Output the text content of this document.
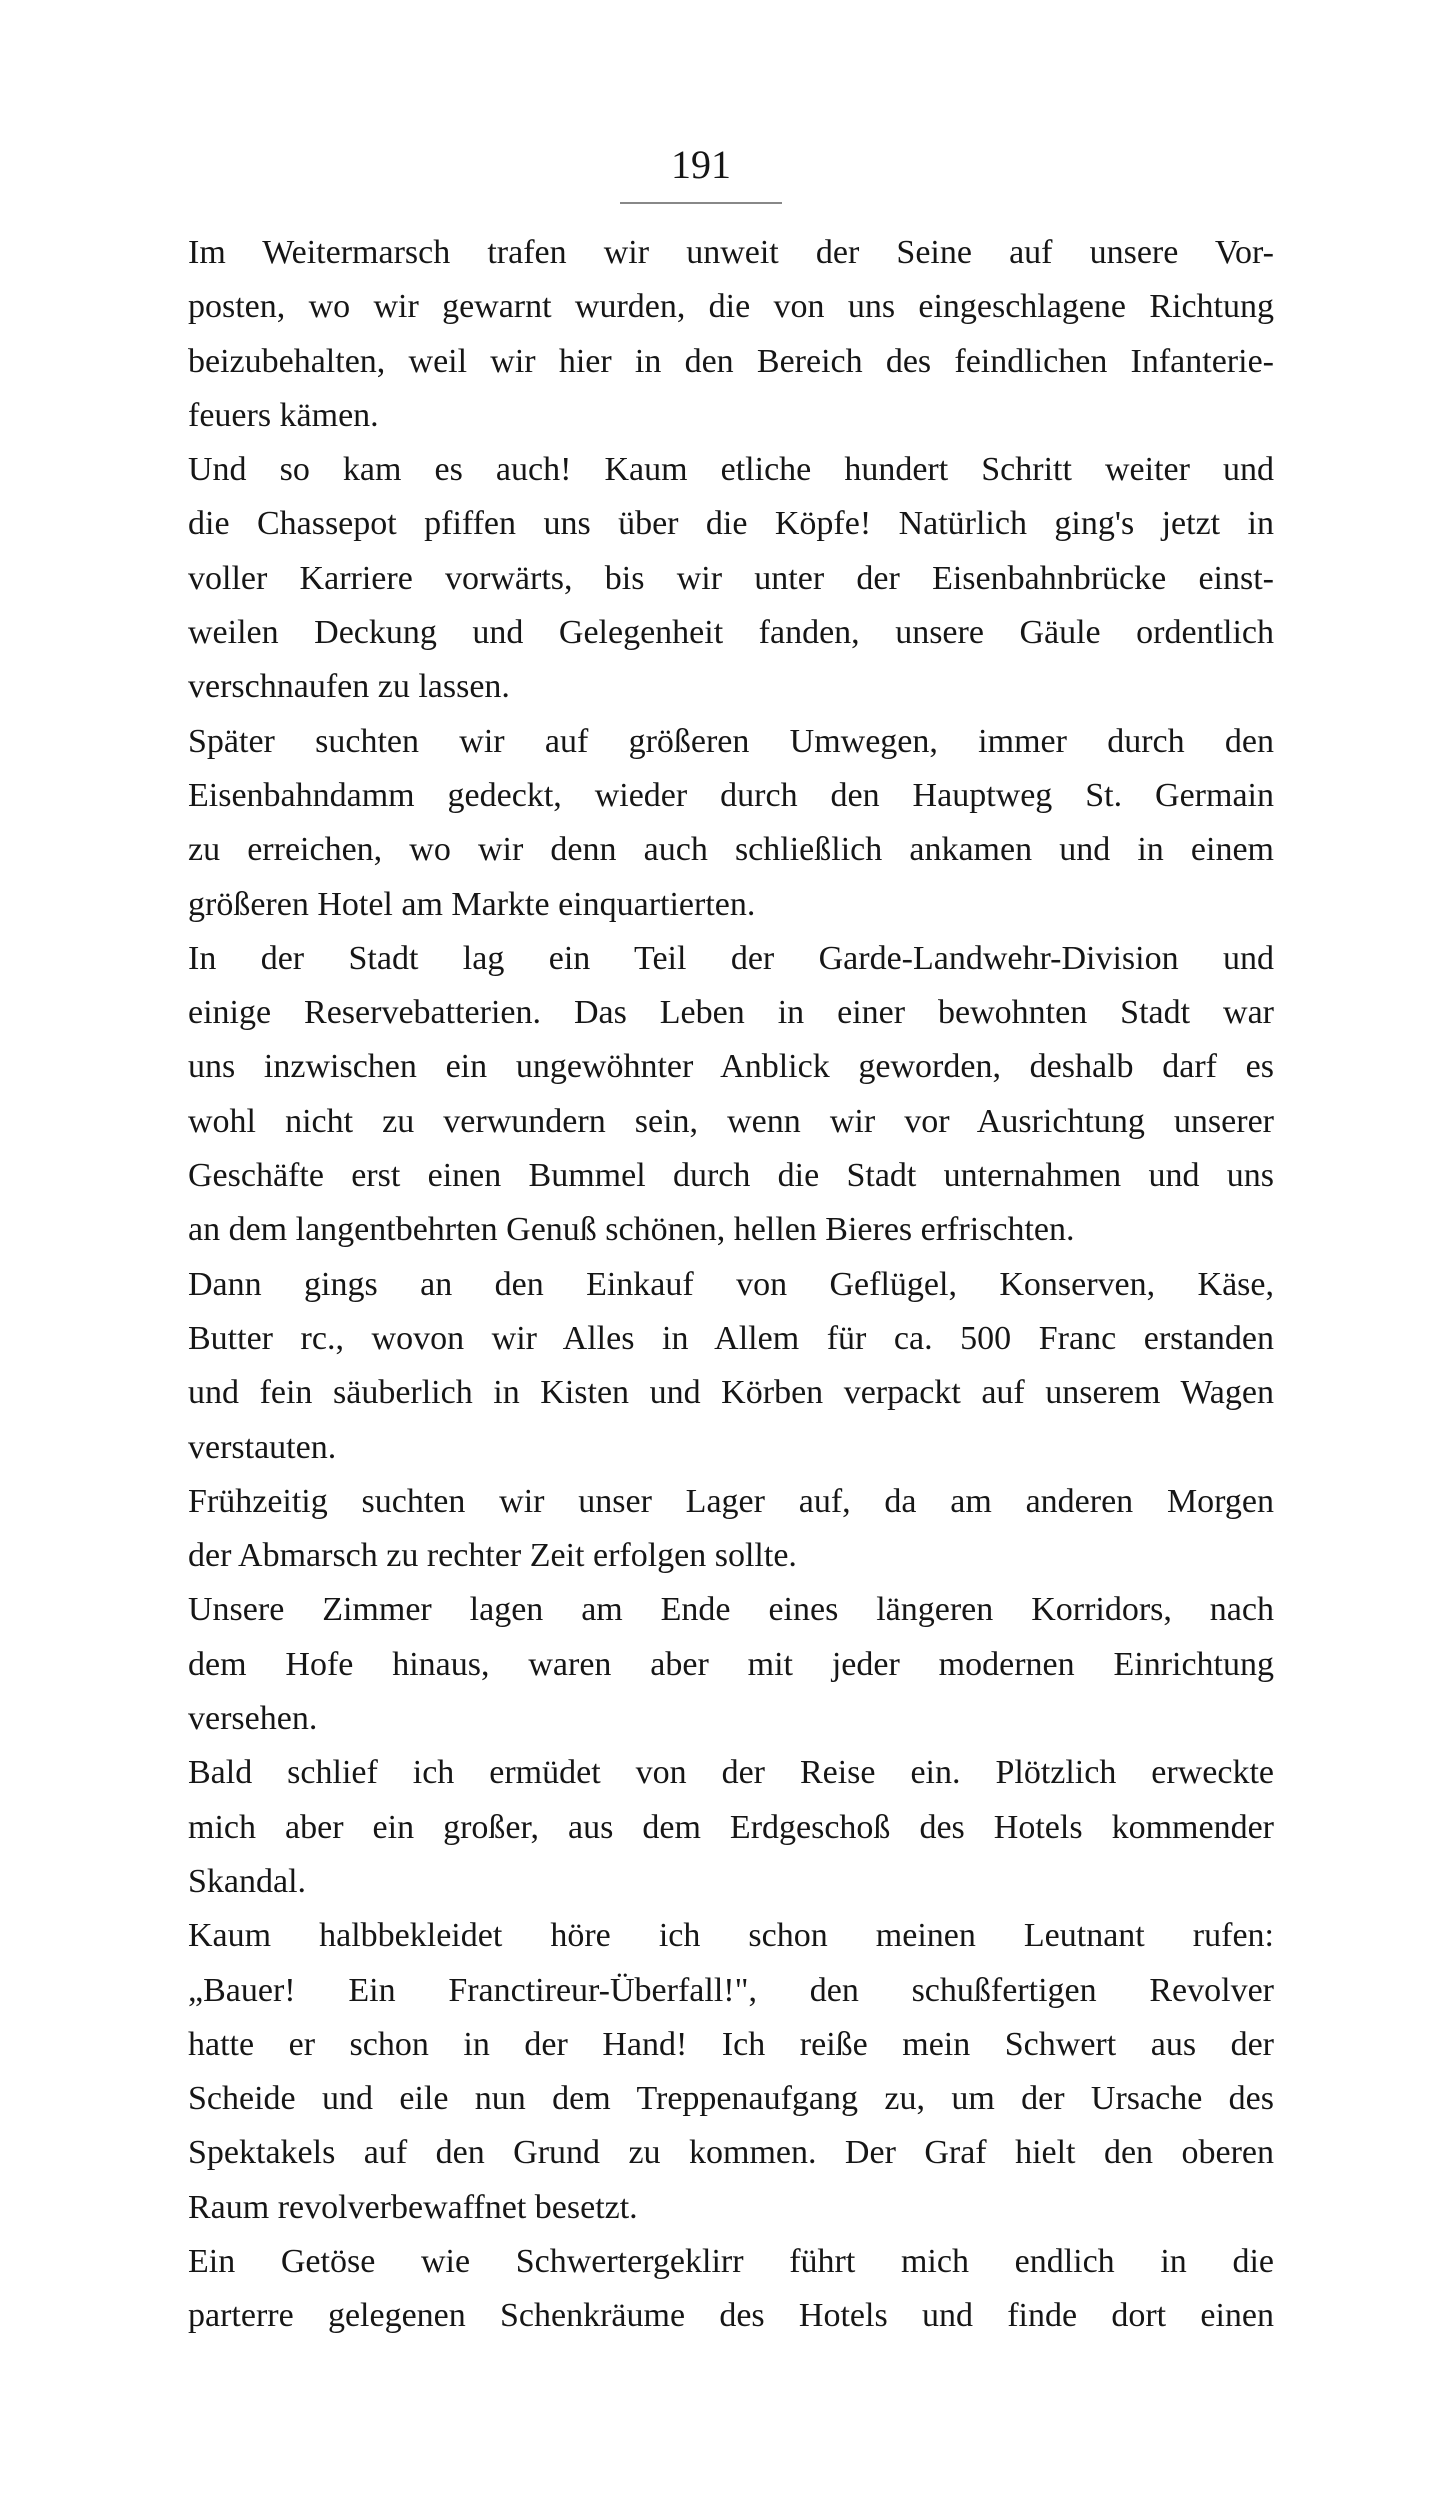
191
Im Weitermarsch trafen wir unweit der Seine auf unsere Vor-
posten, wo wir gewarnt wurden, die von uns eingeschlagene Richtung
beizubehalten, weil wir hier in den Bereich des feindlichen Infanterie-
feuers kämen.
Und so kam es auch! Kaum etliche hundert Schritt weiter und
die Chassepot pfiffen uns über die Köpfe! Natürlich ging's jetzt in
voller Karriere vorwärts, bis wir unter der Eisenbahnbrücke einst-
weilen Deckung und Gelegenheit fanden, unsere Gäule ordentlich
verschnaufen zu lassen.
Später suchten wir auf größeren Umwegen, immer durch den
Eisenbahndamm gedeckt, wieder durch den Hauptweg St. Germain
zu erreichen, wo wir denn auch schließlich ankamen und in einem
größeren Hotel am Markte einquartierten.
In der Stadt lag ein Teil der Garde-Landwehr-Division und
einige Reservebatterien. Das Leben in einer bewohnten Stadt war
uns inzwischen ein ungewöhnter Anblick geworden, deshalb darf es
wohl nicht zu verwundern sein, wenn wir vor Ausrichtung unserer
Geschäfte erst einen Bummel durch die Stadt unternahmen und uns
an dem langentbehrten Genuß schönen, hellen Bieres erfrischten.
Dann gings an den Einkauf von Geflügel, Konserven, Käse,
Butter rc., wovon wir Alles in Allem für ca. 500 Franc erstanden
und fein säuberlich in Kisten und Körben verpackt auf unserem Wagen
verstauten.
Frühzeitig suchten wir unser Lager auf, da am anderen Morgen
der Abmarsch zu rechter Zeit erfolgen sollte.
Unsere Zimmer lagen am Ende eines längeren Korridors, nach
dem Hofe hinaus, waren aber mit jeder modernen Einrichtung
versehen.
Bald schlief ich ermüdet von der Reise ein. Plötzlich erweckte
mich aber ein großer, aus dem Erdgeschoß des Hotels kommender
Skandal.
Kaum halbbekleidet höre ich schon meinen Leutnant rufen:
„Bauer! Ein Franctireur-Überfall!", den schußfertigen Revolver
hatte er schon in der Hand! Ich reiße mein Schwert aus der
Scheide und eile nun dem Treppenaufgang zu, um der Ursache des
Spektakels auf den Grund zu kommen. Der Graf hielt den oberen
Raum revolverbewaffnet besetzt.
Ein Getöse wie Schwertergeklirr führt mich endlich in die
parterre gelegenen Schenkräume des Hotels und finde dort einen
